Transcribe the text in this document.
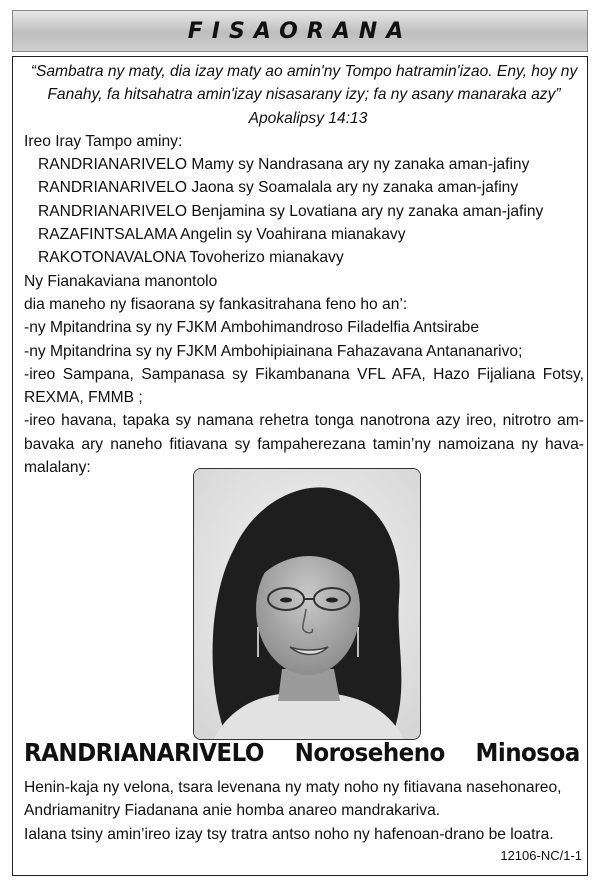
FISAORANA

“Sambatra ny maty, dia izay maty ao amin'ny Tompo hatramin'izao. Eny, hoy ny Fanahy, fa hitsahatra amin'izay nisasarany izy; fa ny asany manaraka azy”

Apokalipsy 14:13

Ireo Iray Tampo aminy:

RANDRIANARIVELO Mamy sy Nandrasana ary ny zanaka aman-jafiny

RANDRIANARIVELO Jaona sy Soamalala ary ny zanaka aman-jafiny

RANDRIANARIVELO Benjamina sy Lovatiana ary ny zanaka aman-jafiny

RAZAFINTSALAMA Angelin sy Voahirana mianakavy

RAKOTONAVALONA Tovoherizo mianakavy

Ny Fianakaviana manontolo

dia maneho ny fisaorana sy fankasitrahana feno ho an’:

-ny Mpitandrina sy ny FJKM Ambohimandroso Filadelfia Antsirabe

-ny Mpitandrina sy ny FJKM Ambohipiainana Fahazavana Antananarivo;

-ireo Sampana, Sampanasa sy Fikambanana VFL AFA, Hazo Fijaliana Fotsy, REXMA, FMMB ;

-ireo havana, tapaka sy namana rehetra tonga nanotrona azy ireo, nitrotro am-bavaka ary naneho fitiavana sy fampaherezana tamin’ny namoizana ny hava-malalany:

RANDRIANARIVELO Noroseheno Minosoa

Henin-kaja ny velona, tsara levenana ny maty noho ny fitiavana nasehonareo, Andriamanitry Fiadanana anie homba anareo mandrakariva.

Ialana tsiny amin’ireo izay tsy tratra antso noho ny hafenoan-drano be loatra.

12106-NC/1-1
